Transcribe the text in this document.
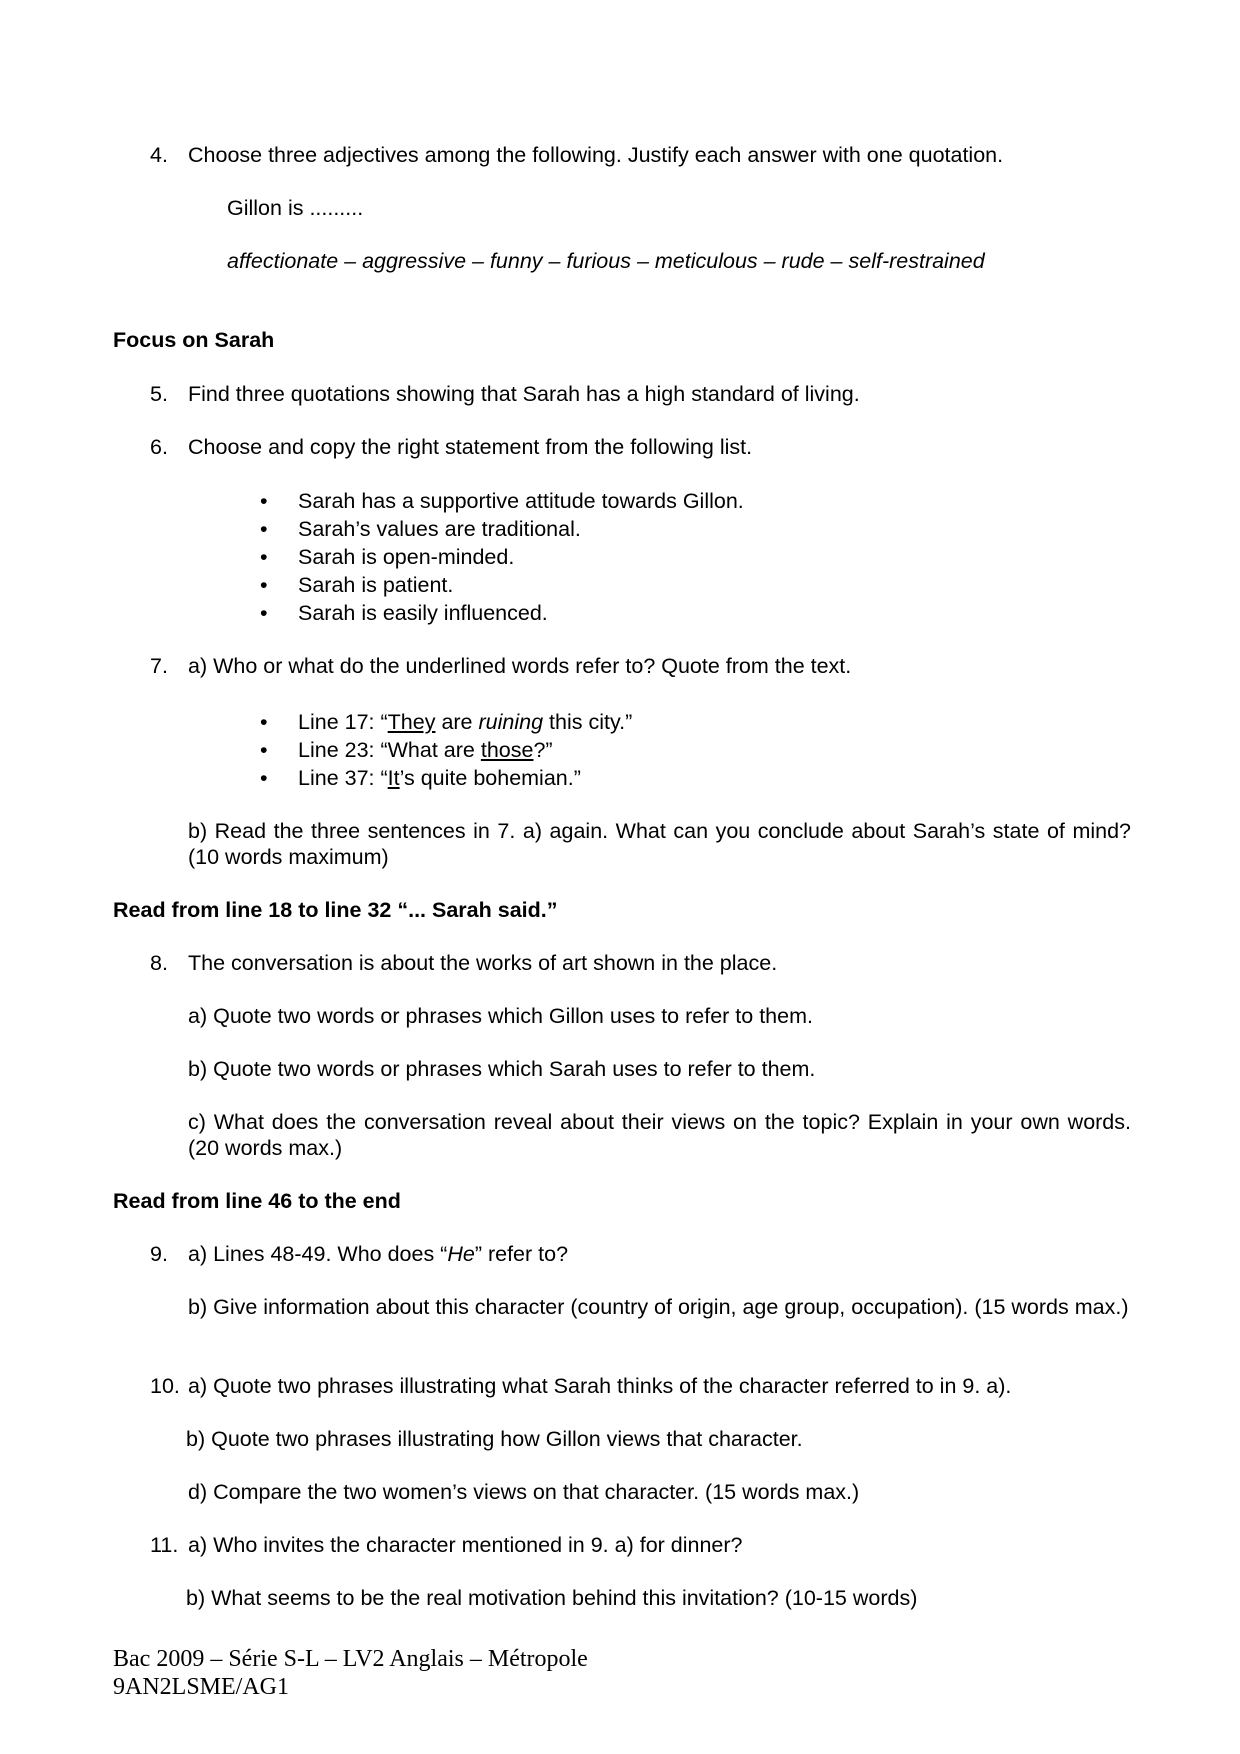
4. Choose three adjectives among the following. Justify each answer with one quotation.
Gillon is .........
affectionate – aggressive – funny – furious – meticulous – rude – self-restrained
Focus on Sarah
5. Find three quotations showing that Sarah has a high standard of living.
6. Choose and copy the right statement from the following list.
• Sarah has a supportive attitude towards Gillon.
• Sarah’s values are traditional.
• Sarah is open-minded.
• Sarah is patient.
• Sarah is easily influenced.
7. a) Who or what do the underlined words refer to? Quote from the text.
• Line 17: “They are ruining this city.”
• Line 23: “What are those?”
• Line 37: “It’s quite bohemian.”
b) Read the three sentences in 7. a) again. What can you conclude about Sarah’s state of mind? (10 words maximum)
Read from line 18 to line 32 “... Sarah said.”
8. The conversation is about the works of art shown in the place.
a) Quote two words or phrases which Gillon uses to refer to them.
b) Quote two words or phrases which Sarah uses to refer to them.
c) What does the conversation reveal about their views on the topic? Explain in your own words. (20 words max.)
Read from line 46 to the end
9. a) Lines 48-49. Who does “He” refer to?
b) Give information about this character (country of origin, age group, occupation). (15 words max.)
10. a) Quote two phrases illustrating what Sarah thinks of the character referred to in 9. a).
b) Quote two phrases illustrating how Gillon views that character.
d) Compare the two women’s views on that character. (15 words max.)
11. a) Who invites the character mentioned in 9. a) for dinner?
b) What seems to be the real motivation behind this invitation? (10-15 words)
Bac 2009 – Série S-L – LV2 Anglais – Métropole
9AN2LSME/AG1
